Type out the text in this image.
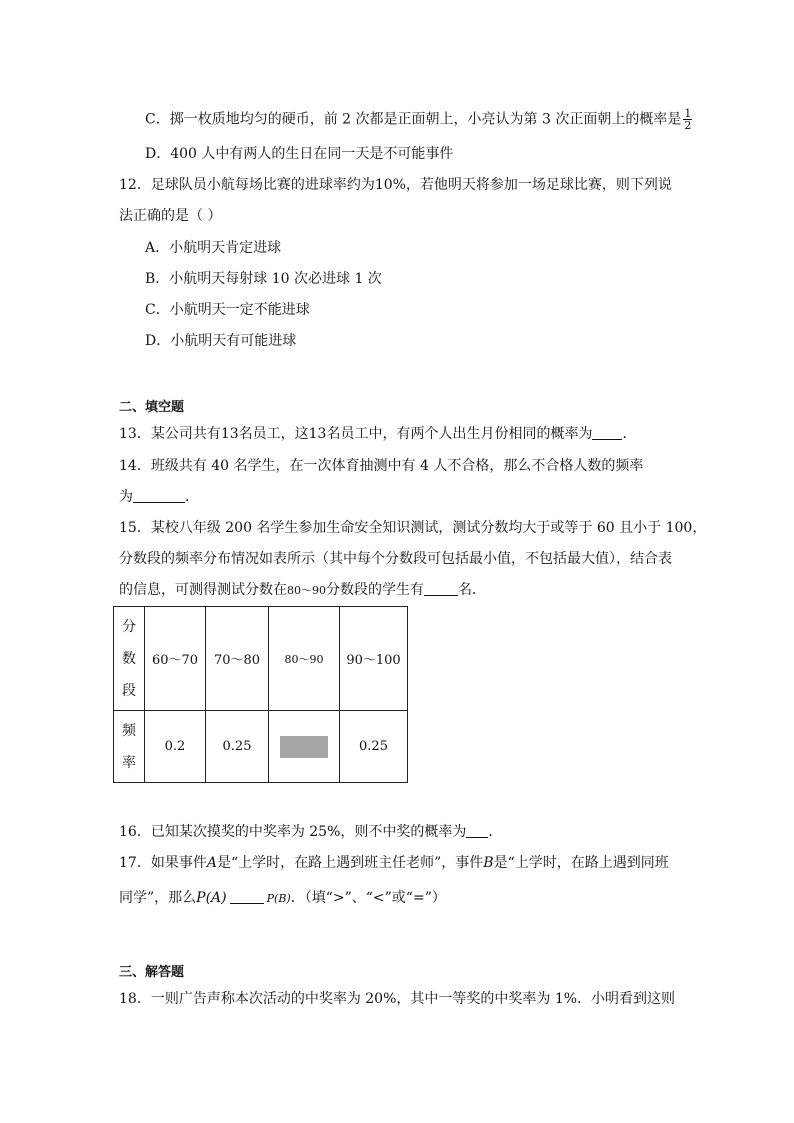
C．掷一枚质地均匀的硬币，前 2 次都是正面朝上，小亮认为第 3 次正面朝上的概率是 $\frac{1}{2}$
D．400 人中有两人的生日在同一天是不可能事件
12．足球队员小航每场比赛的进球率约为10%，若他明天将参加一场足球比赛，则下列说
法正确的是（ ）
A．小航明天肯定进球
B．小航明天每射球 10 次必进球 1 次
C．小航明天一定不能进球
D．小航明天有可能进球
二、填空题
13．某公司共有13名员工，这13名员工中，有两个人出生月份相同的概率为 ．
14．班级共有 40 名学生，在一次体育抽测中有 4 人不合格，那么不合格人数的频率
为	．
15．某校八年级 200 名学生参加生命安全知识测试，测试分数均大于或等于 60 且小于 100，
分数段的频率分布情况如表所示（其中每个分数段可包括最小值，不包括最大值），结合表
的信息，可测得测试分数在80～90分数段的学生有 名．
分
数
段	60～70	70～80	80～90	90～100
频
率	0.2	0.25		0.25
16．已知某次摸奖的中奖率为 25%，则不中奖的概率为 ．
17．如果事件A是“上学时，在路上遇到班主任老师”，事件B是“上学时，在路上遇到同班
同学”，那么P(A)	P(B)．（填“>”、“<”或“=”）
三、解答题
18．一则广告声称本次活动的中奖率为 20%，其中一等奖的中奖率为 1%．小明看到这则
